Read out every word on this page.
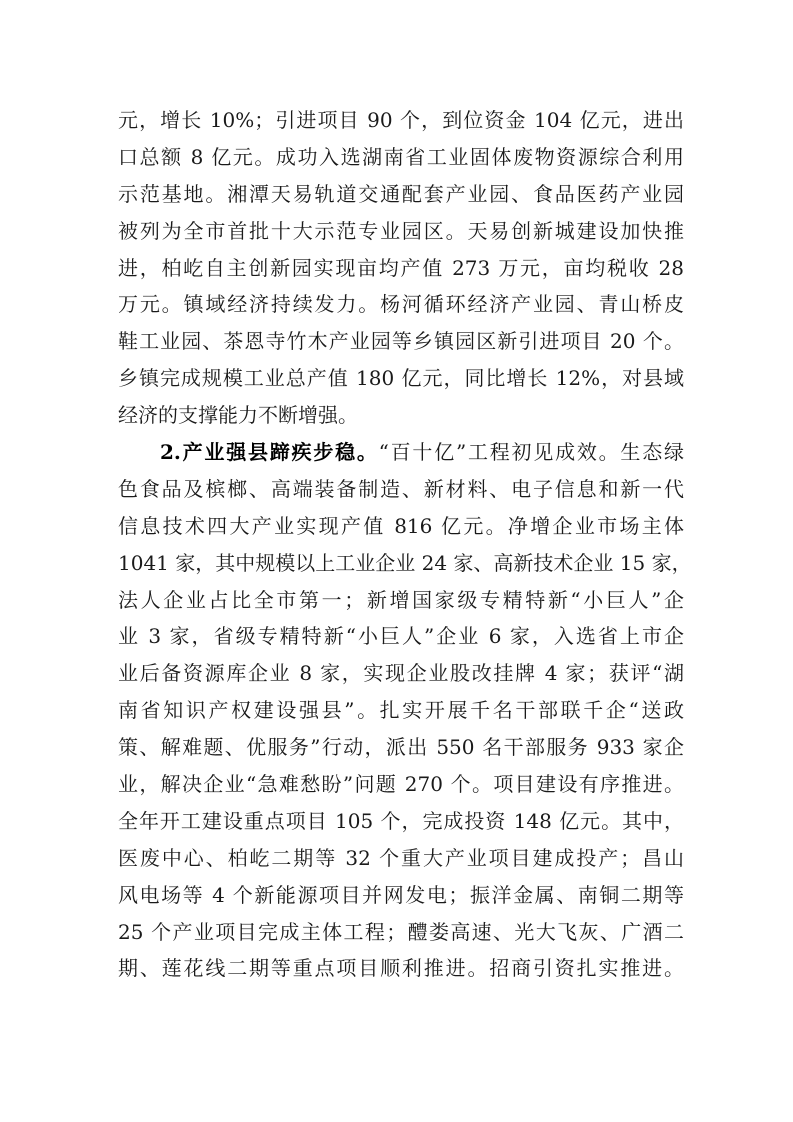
元，增长 10%；引进项目 90 个，到位资金 104 亿元，进出
口总额 8 亿元。成功入选湖南省工业固体废物资源综合利用
示范基地。湘潭天易轨道交通配套产业园、食品医药产业园
被列为全市首批十大示范专业园区。天易创新城建设加快推
进，柏屹自主创新园实现亩均产值 273 万元，亩均税收 28
万元。镇域经济持续发力。杨河循环经济产业园、青山桥皮
鞋工业园、茶恩寺竹木产业园等乡镇园区新引进项目 20 个。
乡镇完成规模工业总产值 180 亿元，同比增长 12%，对县域
经济的支撑能力不断增强。
2.产业强县蹄疾步稳。“百十亿”工程初见成效。生态绿
色食品及槟榔、高端装备制造、新材料、电子信息和新一代
信息技术四大产业实现产值 816 亿元。净增企业市场主体
1041 家，其中规模以上工业企业 24 家、高新技术企业 15 家，
法人企业占比全市第一；新增国家级专精特新“小巨人”企
业 3 家，省级专精特新“小巨人”企业 6 家，入选省上市企
业后备资源库企业 8 家，实现企业股改挂牌 4 家；获评“湖
南省知识产权建设强县”。扎实开展千名干部联千企“送政
策、解难题、优服务”行动，派出 550 名干部服务 933 家企
业，解决企业“急难愁盼”问题 270 个。项目建设有序推进。
全年开工建设重点项目 105 个，完成投资 148 亿元。其中，
医废中心、柏屹二期等 32 个重大产业项目建成投产；昌山
风电场等 4 个新能源项目并网发电；振洋金属、南铜二期等
25 个产业项目完成主体工程；醴娄高速、光大飞灰、广酒二
期、莲花线二期等重点项目顺利推进。招商引资扎实推进。
